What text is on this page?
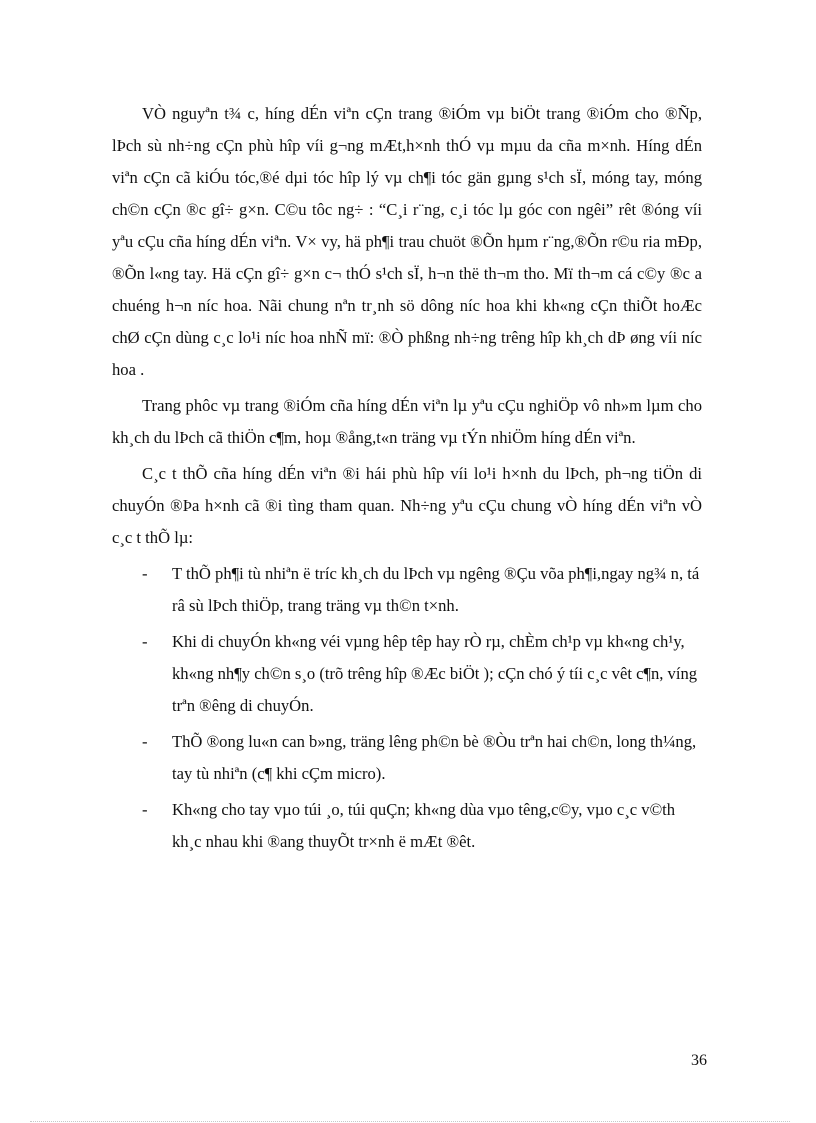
VÒ nguyªn t¾ c, híng dÉn viªn cÇn trang ®iÓm vµ biÖt trang ®iÓm cho ®Ñp, lÞch sù nh÷ng cÇn phù hîp víi g¬ng mÆt,h×nh thÓ vµ mµu da cña m×nh. Híng dÉn viªn cÇn cã kiÓu tóc,®é dµi tóc hîp lý vµ ch¶i tóc gän gµng s¹ch sÏ, móng tay, móng ch©n cÇn ®c gî÷ g×n. C©u tôc ng÷ : “C¸i r¨ng, c¸i tóc lµ góc con ngêi” rêt ®óng víi yªu cÇu cña híng dÉn viªn. V× vy, hä ph¶i trau chuöt ®Õn hµm r¨ng,®Õn r©u ria mÐp, ®Õn l«ng tay. Hä cÇn gî÷ g×n c¬ thÓ s¹ch sÏ, h¬n thë th¬m tho. Mï th¬m cá c©y ®c a chuéng h¬n níc hoa. Nãi chung nªn tr¸nh sö dông níc hoa khi kh«ng cÇn thiÕt hoÆc chØ cÇn dùng c¸c lo¹i níc hoa nhÑ mï: ®Ò phßng nh÷ng trêng hîp kh¸ch dÞ øng víi níc hoa .

Trang phôc vµ trang ®iÓm cña híng dÉn viªn lµ yªu cÇu nghiÖp vô nh»m lµm cho kh¸ch du lÞch cã thiÖn c¶m, hoµ ®ång,t«n träng vµ tÝn nhiÖm híng dÉn viªn.

C¸c t thÕ cña híng dÉn viªn ®i hái phù hîp víi lo¹i h×nh du lÞch, ph¬ng tiÖn di chuyÓn ®Þa h×nh cã ®i tìng tham quan. Nh÷ng yªu cÇu chung vÒ híng dÉn viªn vÒ c¸c t thÕ lµ:

- T thÕ ph¶i tù nhiªn ë tríc kh¸ch du lÞch vµ ngêng ®Çu võa ph¶i,ngay ng¾ n, tá râ sù lÞch thiÖp, trang träng vµ th©n t×nh.
- Khi di chuyÓn kh«ng véi vµng hêp têp hay rÒ rµ, chÈm ch¹p vµ kh«ng ch¹y, kh«ng nh¶y ch©n s¸o (trõ trêng hîp ®Æc biÖt ); cÇn chó ý tíi c¸c vêt c¶n, víng trªn ®êng di chuyÓn.
- ThÕ ®ong lu«n can b»ng, träng lêng ph©n bè ®Òu trªn hai ch©n, long th¼ng, tay tù nhiªn (c¶ khi cÇm micro).
- Kh«ng cho tay vµo túi ¸o, túi quÇn; kh«ng dùa vµo têng,c©y, vµo c¸c v©th kh¸c nhau khi ®ang thuyÕt tr×nh ë mÆt ®êt.
36
